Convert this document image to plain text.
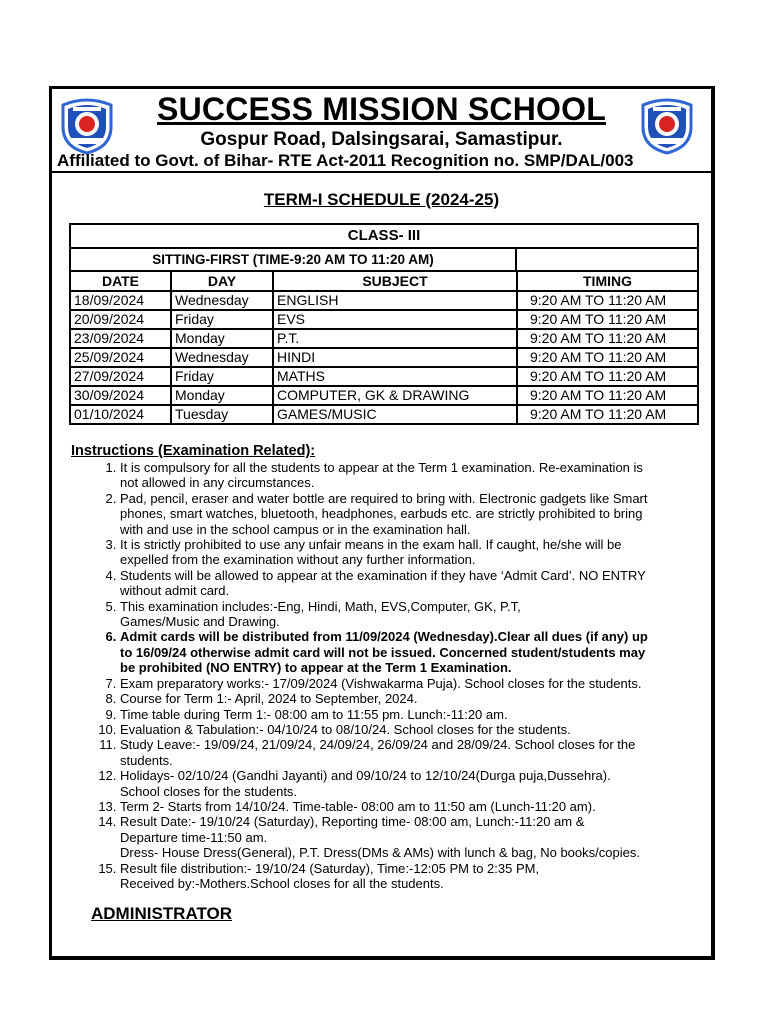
SUCCESS MISSION SCHOOL
Gospur Road, Dalsingsarai, Samastipur.
Affiliated to Govt. of Bihar- RTE Act-2011 Recognition no. SMP/DAL/003
TERM-I SCHEDULE (2024-25)
CLASS- III
SITTING-FIRST (TIME-9:20 AM TO 11:20 AM)
DATE	DAY	SUBJECT	TIMING
18/09/2024	Wednesday	ENGLISH	9:20 AM TO 11:20 AM
20/09/2024	Friday	EVS	9:20 AM TO 11:20 AM
23/09/2024	Monday	P.T.	9:20 AM TO 11:20 AM
25/09/2024	Wednesday	HINDI	9:20 AM TO 11:20 AM
27/09/2024	Friday	MATHS	9:20 AM TO 11:20 AM
30/09/2024	Monday	COMPUTER, GK & DRAWING	9:20 AM TO 11:20 AM
01/10/2024	Tuesday	GAMES/MUSIC	9:20 AM TO 11:20 AM
Instructions (Examination Related):
1. It is compulsory for all the students to appear at the Term 1 examination. Re-examination is
not allowed in any circumstances.
2. Pad, pencil, eraser and water bottle are required to bring with. Electronic gadgets like Smart
phones, smart watches, bluetooth, headphones, earbuds etc. are strictly prohibited to bring
with and use in the school campus or in the examination hall.
3. It is strictly prohibited to use any unfair means in the exam hall. If caught, he/she will be
expelled from the examination without any further information.
4. Students will be allowed to appear at the examination if they have ‘Admit Card’. NO ENTRY
without admit card.
5. This examination includes:-Eng, Hindi, Math, EVS,Computer, GK, P.T,
Games/Music and Drawing.
6. Admit cards will be distributed from 11/09/2024 (Wednesday).Clear all dues (if any) up
to 16/09/24 otherwise admit card will not be issued. Concerned student/students may
be prohibited (NO ENTRY) to appear at the Term 1 Examination.
7. Exam preparatory works:- 17/09/2024 (Vishwakarma Puja). School closes for the students.
8. Course for Term 1:- April, 2024 to September, 2024.
9. Time table during Term 1:- 08:00 am to 11:55 pm. Lunch:-11:20 am.
10. Evaluation & Tabulation:- 04/10/24 to 08/10/24. School closes for the students.
11. Study Leave:- 19/09/24, 21/09/24, 24/09/24, 26/09/24 and 28/09/24. School closes for the
students.
12. Holidays- 02/10/24 (Gandhi Jayanti) and 09/10/24 to 12/10/24(Durga puja,Dussehra).
School closes for the students.
13. Term 2- Starts from 14/10/24. Time-table- 08:00 am to 11:50 am (Lunch-11:20 am).
14. Result Date:- 19/10/24 (Saturday), Reporting time- 08:00 am, Lunch:-11:20 am &
Departure time-11:50 am.
Dress- House Dress(General), P.T. Dress(DMs & AMs) with lunch & bag, No books/copies.
15. Result file distribution:- 19/10/24 (Saturday), Time:-12:05 PM to 2:35 PM,
Received by:-Mothers.School closes for all the students.
ADMINISTRATOR
